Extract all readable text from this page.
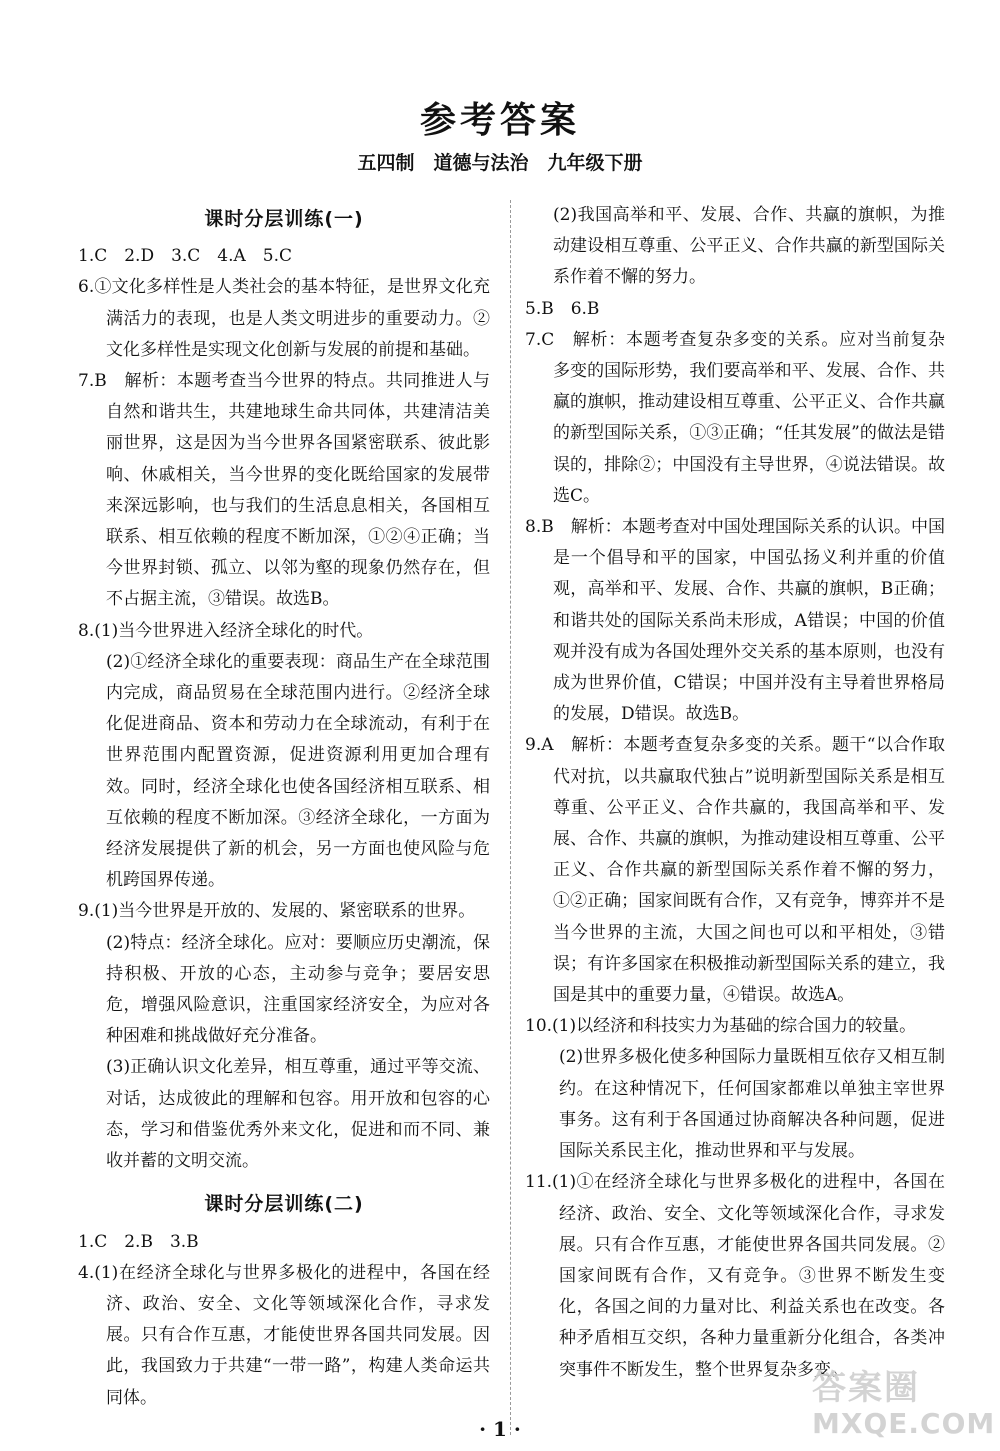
参考答案
五四制　道德与法治　九年级下册
课时分层训练(一)

1.C　2.D　3.C　4.A　5.C

6.①文化多样性是人类社会的基本特征，是世界文化充满活力的表现，也是人类文明进步的重要动力。②文化多样性是实现文化创新与发展的前提和基础。

7.B　解析：本题考查当今世界的特点。共同推进人与自然和谐共生，共建地球生命共同体，共建清洁美丽世界，这是因为当今世界各国紧密联系、彼此影响、休戚相关，当今世界的变化既给国家的发展带来深远影响，也与我们的生活息息相关，各国相互联系、相互依赖的程度不断加深，①②④正确；当今世界封锁、孤立、以邻为壑的现象仍然存在，但不占据主流，③错误。故选B。

8.(1)当今世界进入经济全球化的时代。

(2)①经济全球化的重要表现：商品生产在全球范围内完成，商品贸易在全球范围内进行。②经济全球化促进商品、资本和劳动力在全球流动，有利于在世界范围内配置资源，促进资源利用更加合理有效。同时，经济全球化也使各国经济相互联系、相互依赖的程度不断加深。③经济全球化，一方面为经济发展提供了新的机会，另一方面也使风险与危机跨国界传递。

9.(1)当今世界是开放的、发展的、紧密联系的世界。

(2)特点：经济全球化。应对：要顺应历史潮流，保持积极、开放的心态，主动参与竞争；要居安思危，增强风险意识，注重国家经济安全，为应对各种困难和挑战做好充分准备。

(3)正确认识文化差异，相互尊重，通过平等交流、对话，达成彼此的理解和包容。用开放和包容的心态，学习和借鉴优秀外来文化，促进和而不同、兼收并蓄的文明交流。

课时分层训练(二)

1.C　2.B　3.B

4.(1)在经济全球化与世界多极化的进程中，各国在经济、政治、安全、文化等领域深化合作，寻求发展。只有合作互惠，才能使世界各国共同发展。因此，我国致力于共建“一带一路”，构建人类命运共同体。

(2)我国高举和平、发展、合作、共赢的旗帜，为推动建设相互尊重、公平正义、合作共赢的新型国际关系作着不懈的努力。

5.B　6.B

7.C　解析：本题考查复杂多变的关系。应对当前复杂多变的国际形势，我们要高举和平、发展、合作、共赢的旗帜，推动建设相互尊重、公平正义、合作共赢的新型国际关系，①③正确；“任其发展”的做法是错误的，排除②；中国没有主导世界，④说法错误。故选C。

8.B　解析：本题考查对中国处理国际关系的认识。中国是一个倡导和平的国家，中国弘扬义利并重的价值观，高举和平、发展、合作、共赢的旗帜，B正确；和谐共处的国际关系尚未形成，A错误；中国的价值观并没有成为各国处理外交关系的基本原则，也没有成为世界价值，C错误；中国并没有主导着世界格局的发展，D错误。故选B。

9.A　解析：本题考查复杂多变的关系。题干“以合作取代对抗，以共赢取代独占”说明新型国际关系是相互尊重、公平正义、合作共赢的，我国高举和平、发展、合作、共赢的旗帜，为推动建设相互尊重、公平正义、合作共赢的新型国际关系作着不懈的努力，①②正确；国家间既有合作，又有竞争，博弈并不是当今世界的主流，大国之间也可以和平相处，③错误；有许多国家在积极推动新型国际关系的建立，我国是其中的重要力量，④错误。故选A。

10.(1)以经济和科技实力为基础的综合国力的较量。

(2)世界多极化使多种国际力量既相互依存又相互制约。在这种情况下，任何国家都难以单独主宰世界事务。这有利于各国通过协商解决各种问题，促进国际关系民主化，推动世界和平与发展。

11.(1)①在经济全球化与世界多极化的进程中，各国在经济、政治、安全、文化等领域深化合作，寻求发展。只有合作互惠，才能使世界各国共同发展。②国家间既有合作，又有竞争。③世界不断发生变化，各国之间的力量对比、利益关系也在改变。各种矛盾相互交织，各种力量重新分化组合，各类冲突事件不断发生，整个世界复杂多变。

· 1 ·
答案圈
MXQE.COM
